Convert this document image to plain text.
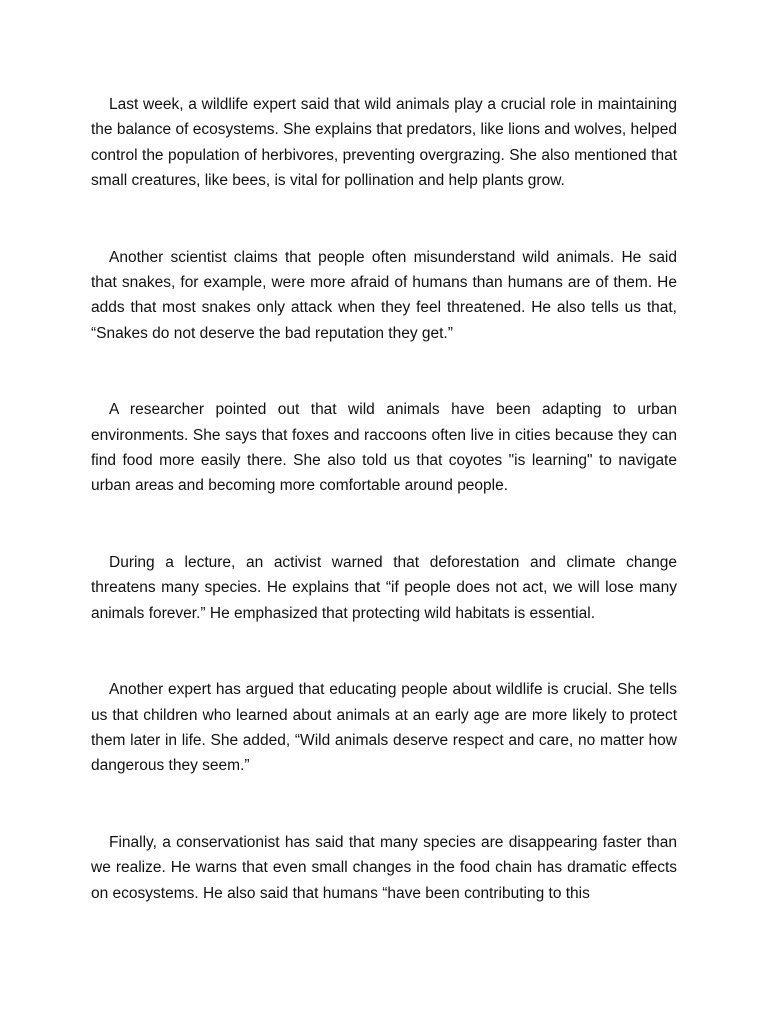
Last week, a wildlife expert said that wild animals play a crucial role in maintaining the balance of ecosystems. She explains that predators, like lions and wolves, helped control the population of herbivores, preventing overgrazing. She also mentioned that small creatures, like bees, is vital for pollination and help plants grow.

Another scientist claims that people often misunderstand wild animals. He said that snakes, for example, were more afraid of humans than humans are of them. He adds that most snakes only attack when they feel threatened. He also tells us that, “Snakes do not deserve the bad reputation they get.”

A researcher pointed out that wild animals have been adapting to urban environments. She says that foxes and raccoons often live in cities because they can find food more easily there. She also told us that coyotes "is learning" to navigate urban areas and becoming more comfortable around people.

During a lecture, an activist warned that deforestation and climate change threatens many species. He explains that “if people does not act, we will lose many animals forever.” He emphasized that protecting wild habitats is essential.

Another expert has argued that educating people about wildlife is crucial. She tells us that children who learned about animals at an early age are more likely to protect them later in life. She added, “Wild animals deserve respect and care, no matter how dangerous they seem.”

Finally, a conservationist has said that many species are disappearing faster than we realize. He warns that even small changes in the food chain has dramatic effects on ecosystems. He also said that humans “have been contributing to this
